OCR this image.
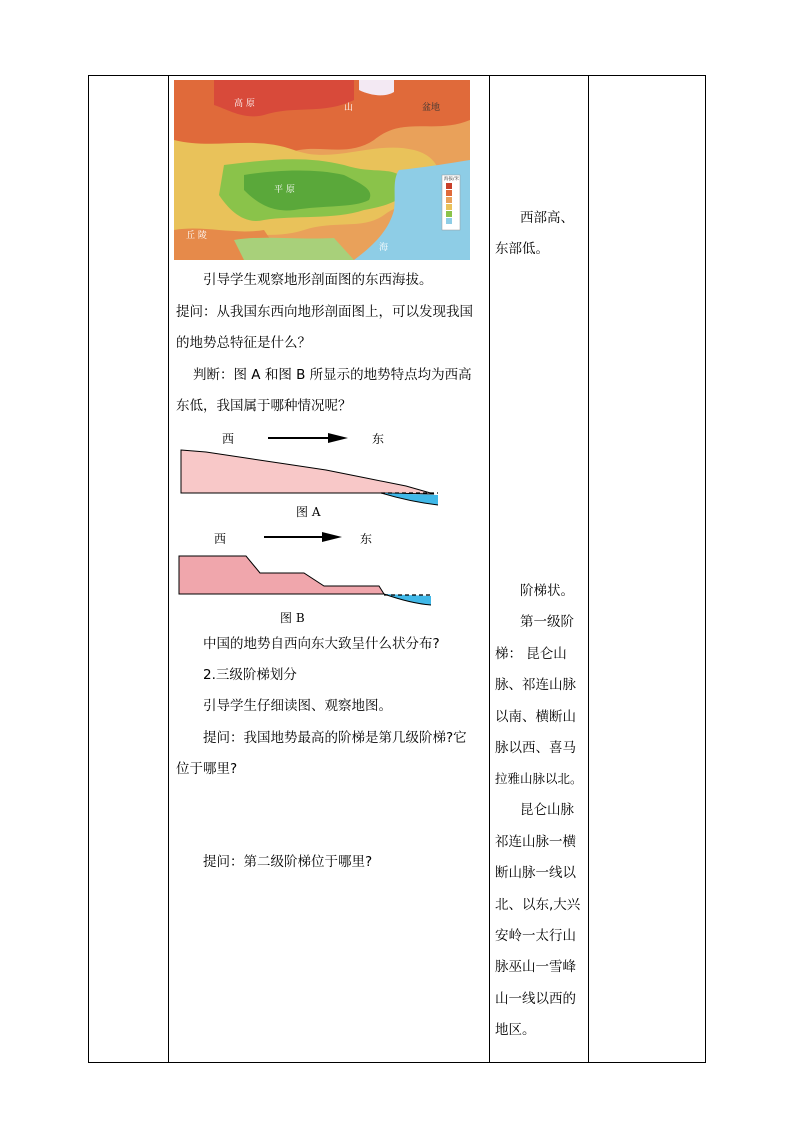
海拔/米
高 原	山	盆地
平 原
丘 陵
海
引导学生观察地形剖面图的东西海拔。
提问：从我国东西向地形剖面图上，可以发现我国
的地势总特征是什么？
判断：图 A 和图 B 所显示的地势特点均为西高
东低，我国属于哪种情况呢？
西	东
图 A
西	东
图 B
中国的地势自西向东大致呈什么状分布?
2.三级阶梯划分
引导学生仔细读图、观察地图。
提问：我国地势最高的阶梯是第几级阶梯?它
位于哪里?
提问：第二级阶梯位于哪里?
西部高、
东部低。
阶梯状。
第一级阶
梯： 昆仑山
脉、祁连山脉
以南、横断山
脉以西、喜马
拉雅山脉以北。
昆仑山脉
祁连山脉一横
断山脉一线以
北、以东,大兴
安岭一太行山
脉巫山一雪峰
山一线以西的
地区。
